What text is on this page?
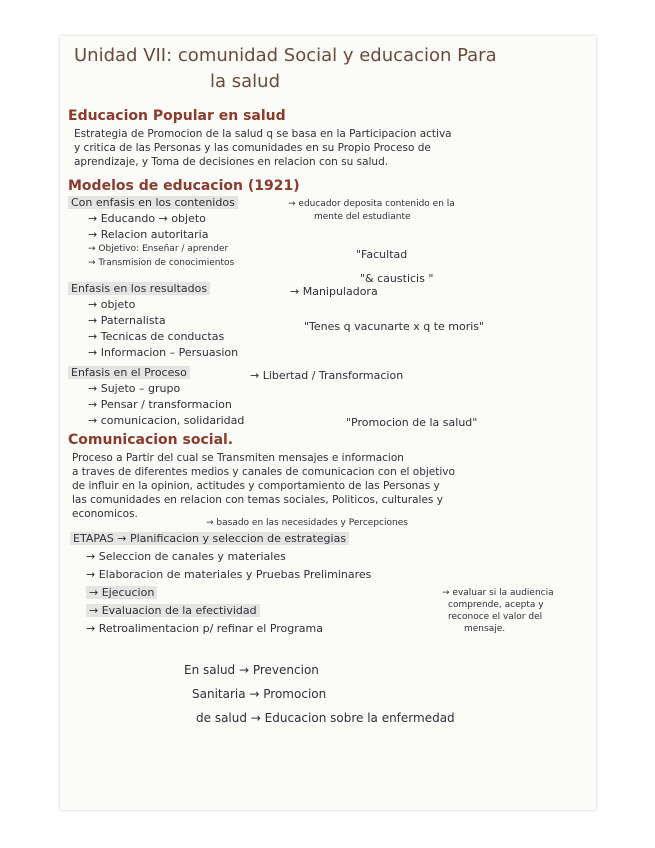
Unidad VII: comunidad Social y educacion Para
la salud
Educacion Popular en salud
Estrategia de Promocion de la salud q se basa en la Participacion activa
y critica de las Personas y las comunidades en su Propio Proceso de
aprendizaje, y Toma de decisiones en relacion con su salud.
Modelos de educacion (1921)
Con enfasis en los contenidos	→ educador deposita contenido en la
mente del estudiante
→ Educando → objeto
→ Relacion autoritaria
→ Objetivo: Enseñar / aprender
→ Transmision de conocimientos
"Facultad
"& causticis "
Enfasis en los resultados	→ Manipuladora
→ objeto
→ Paternalista
→ Tecnicas de conductas
→ Informacion – Persuasion
"Tenes q vacunarte x q te moris"
Enfasis en el Proceso	→ Libertad / Transformacion
→ Sujeto – grupo
→ Pensar / transformacion
→ comunicacion, solidaridad	"Promocion de la salud"
Comunicacion social.
Proceso a Partir del cual se Transmiten mensajes e informacion
a traves de diferentes medios y canales de comunicacion con el objetivo
de influir en la opinion, actitudes y comportamiento de las Personas y
las comunidades en relacion con temas sociales, Politicos, culturales y
economicos.
→ basado en las necesidades y Percepciones
ETAPAS → Planificacion y seleccion de estrategias
→ Seleccion de canales y materiales
→ Elaboracion de materiales y Pruebas Preliminares
→ Ejecucion
→ Evaluacion de la efectividad
→ Retroalimentacion p/ refinar el Programa
→ evaluar si la audiencia
comprende, acepta y
reconoce el valor del
mensaje.
En salud → Prevencion
Sanitaria → Promocion
de salud → Educacion sobre la enfermedad
